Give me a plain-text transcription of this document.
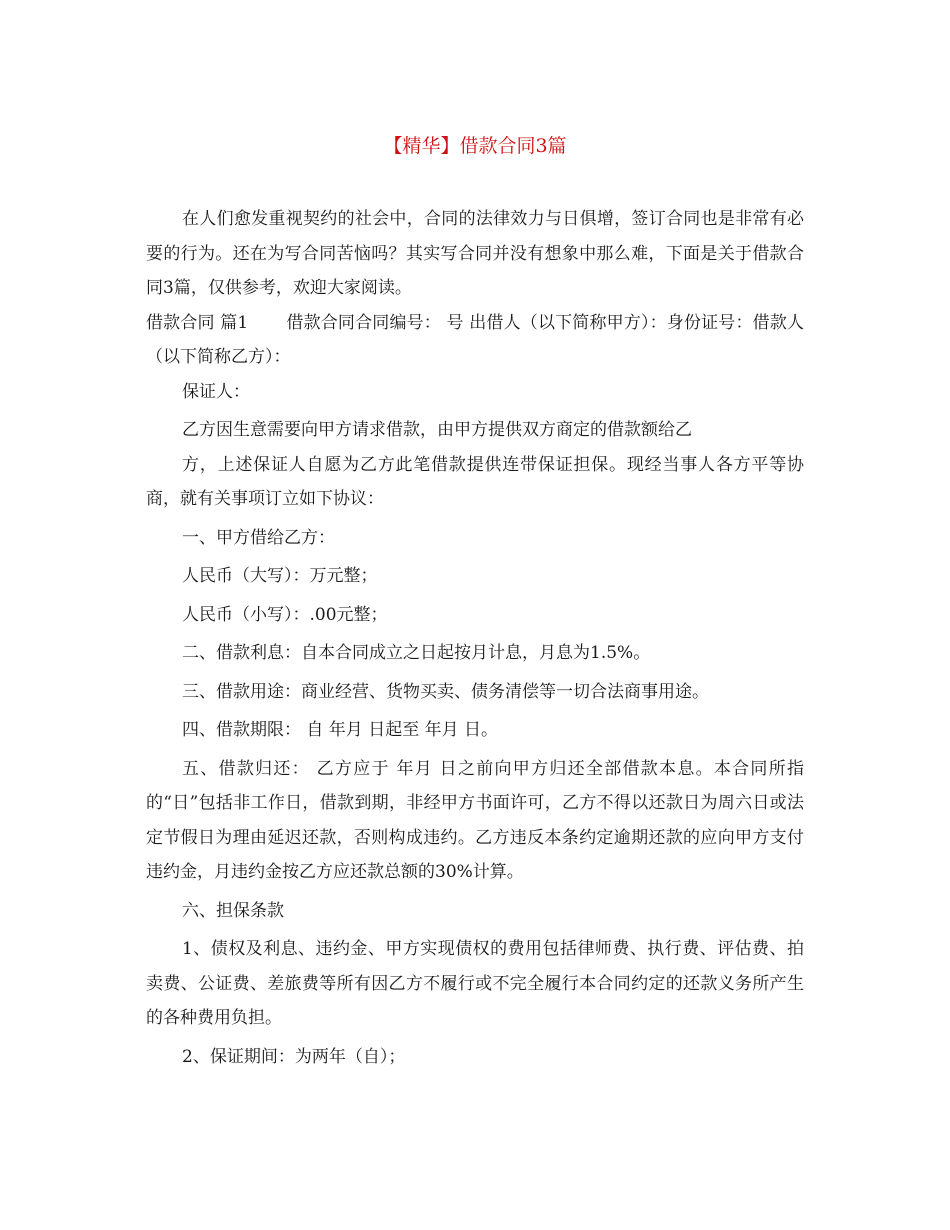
【精华】借款合同3篇

在人们愈发重视契约的社会中，合同的法律效力与日俱增，签订合同也是非常有必要的行为。还在为写合同苦恼吗？其实写合同并没有想象中那么难，下面是关于借款合同3篇，仅供参考，欢迎大家阅读。

借款合同 篇1 借款合同合同编号： 号 出借人（以下简称甲方）：身份证号：借款人（以下简称乙方）：

保证人：

乙方因生意需要向甲方请求借款，由甲方提供双方商定的借款额给乙

方，上述保证人自愿为乙方此笔借款提供连带保证担保。现经当事人各方平等协商，就有关事项订立如下协议：

一、甲方借给乙方：

人民币（大写）：万元整；

人民币（小写）：.00元整；

二、借款利息：自本合同成立之日起按月计息，月息为1.5%。

三、借款用途：商业经营、货物买卖、债务清偿等一切合法商事用途。

四、借款期限： 自 年月 日起至 年月 日。

五、借款归还： 乙方应于 年月 日之前向甲方归还全部借款本息。本合同所指的“日”包括非工作日，借款到期，非经甲方书面许可，乙方不得以还款日为周六日或法定节假日为理由延迟还款，否则构成违约。乙方违反本条约定逾期还款的应向甲方支付违约金，月违约金按乙方应还款总额的30%计算。

六、担保条款

1、债权及利息、违约金、甲方实现债权的费用包括律师费、执行费、评估费、拍卖费、公证费、差旅费等所有因乙方不履行或不完全履行本合同约定的还款义务所产生的各种费用负担。

2、保证期间：为两年（自）；
